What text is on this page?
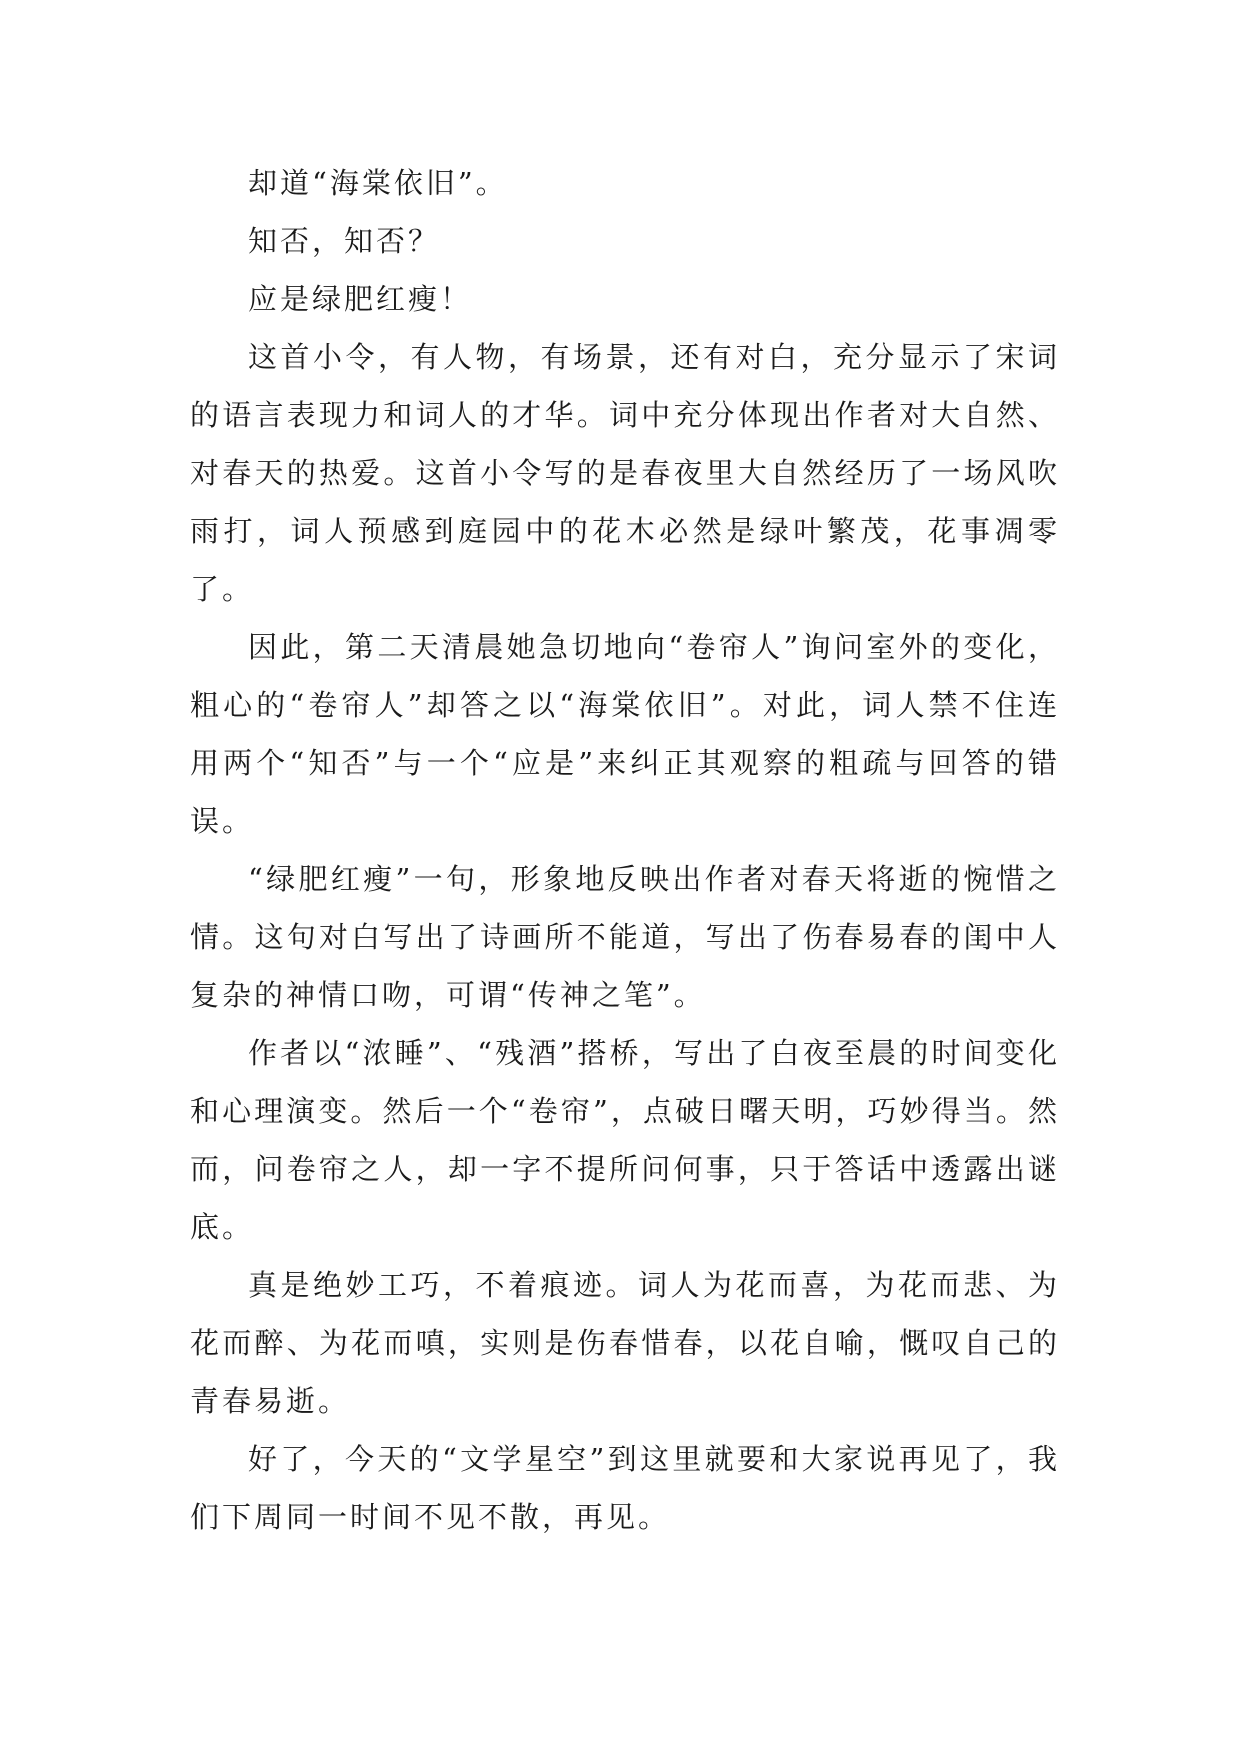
却道“海棠依旧”。

知否，知否？

应是绿肥红瘦！

这首小令，有人物，有场景，还有对白，充分显示了宋词的语言表现力和词人的才华。词中充分体现出作者对大自然、对春天的热爱。这首小令写的是春夜里大自然经历了一场风吹雨打，词人预感到庭园中的花木必然是绿叶繁茂，花事凋零了。

因此，第二天清晨她急切地向“卷帘人”询问室外的变化，粗心的“卷帘人”却答之以“海棠依旧”。对此，词人禁不住连用两个“知否”与一个“应是”来纠正其观察的粗疏与回答的错误。

“绿肥红瘦”一句，形象地反映出作者对春天将逝的惋惜之情。这句对白写出了诗画所不能道，写出了伤春易春的闺中人复杂的神情口吻，可谓“传神之笔”。

作者以“浓睡”、“残酒”搭桥，写出了白夜至晨的时间变化和心理演变。然后一个“卷帘”，点破日曙天明，巧妙得当。然而，问卷帘之人，却一字不提所问何事，只于答话中透露出谜底。

真是绝妙工巧，不着痕迹。词人为花而喜，为花而悲、为花而醉、为花而嗔，实则是伤春惜春，以花自喻，慨叹自己的青春易逝。

好了，今天的“文学星空”到这里就要和大家说再见了，我们下周同一时间不见不散，再见。
